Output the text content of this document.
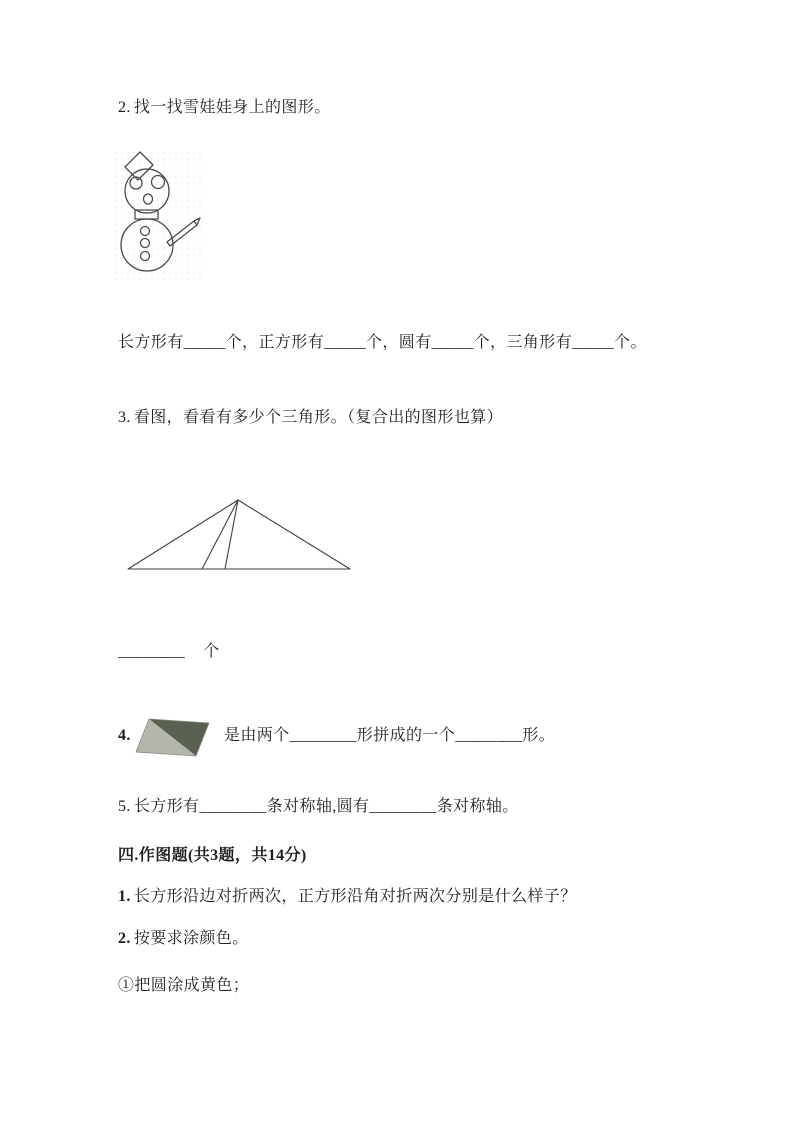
2. 找一找雪娃娃身上的图形。
长方形有_____个，正方形有_____个，圆有_____个，三角形有_____个。
3. 看图，看看有多少个三角形。（复合出的图形也算）
________ 个
4.	是由两个________形拼成的一个________形。
5. 长方形有________条对称轴,圆有________条对称轴。
四.作图题(共3题，共14分)
1. 长方形沿边对折两次，正方形沿角对折两次分别是什么样子？
2. 按要求涂颜色。
①把圆涂成黄色；
